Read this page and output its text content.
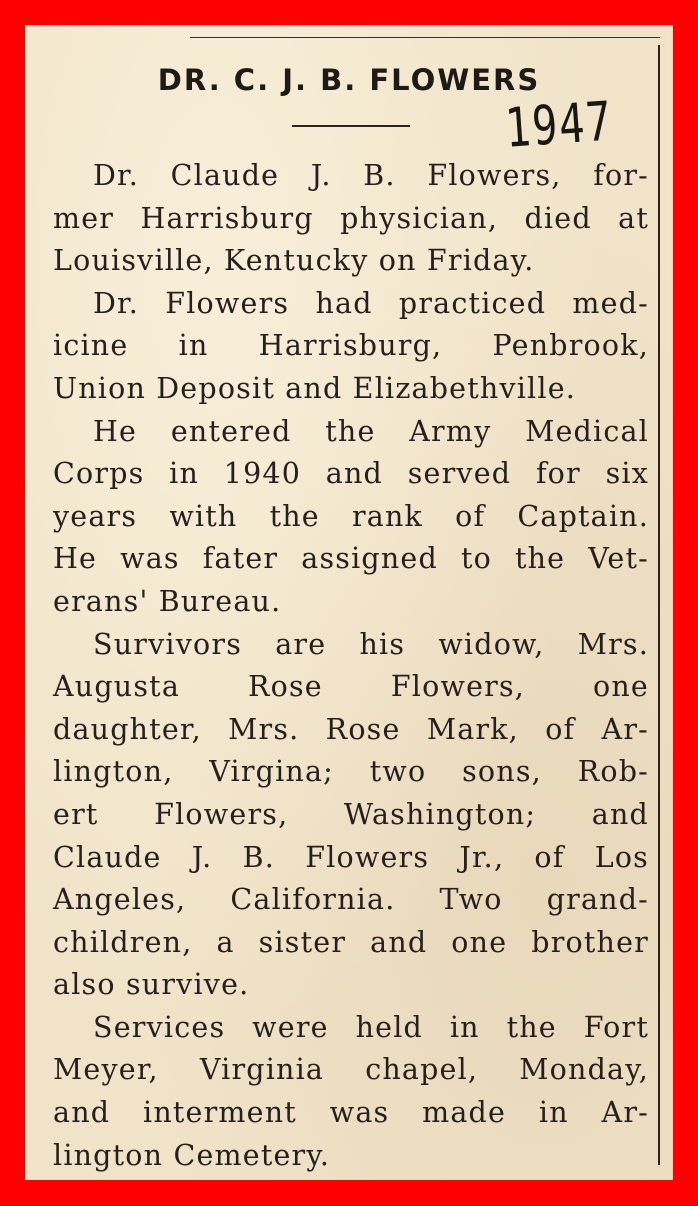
DR. C. J. B. FLOWERS
1947
Dr. Claude J. B. Flowers, for-
mer Harrisburg physician, died at
Louisville, Kentucky on Friday.
Dr. Flowers had practiced med-
icine in Harrisburg, Penbrook,
Union Deposit and Elizabethville.
He entered the Army Medical
Corps in 1940 and served for six
years with the rank of Captain.
He was fater assigned to the Vet-
erans' Bureau.
Survivors are his widow, Mrs.
Augusta Rose Flowers, one
daughter, Mrs. Rose Mark, of Ar-
lington, Virgina; two sons, Rob-
ert Flowers, Washington; and
Claude J. B. Flowers Jr., of Los
Angeles, California. Two grand-
children, a sister and one brother
also survive.
Services were held in the Fort
Meyer, Virginia chapel, Monday,
and interment was made in Ar-
lington Cemetery.
